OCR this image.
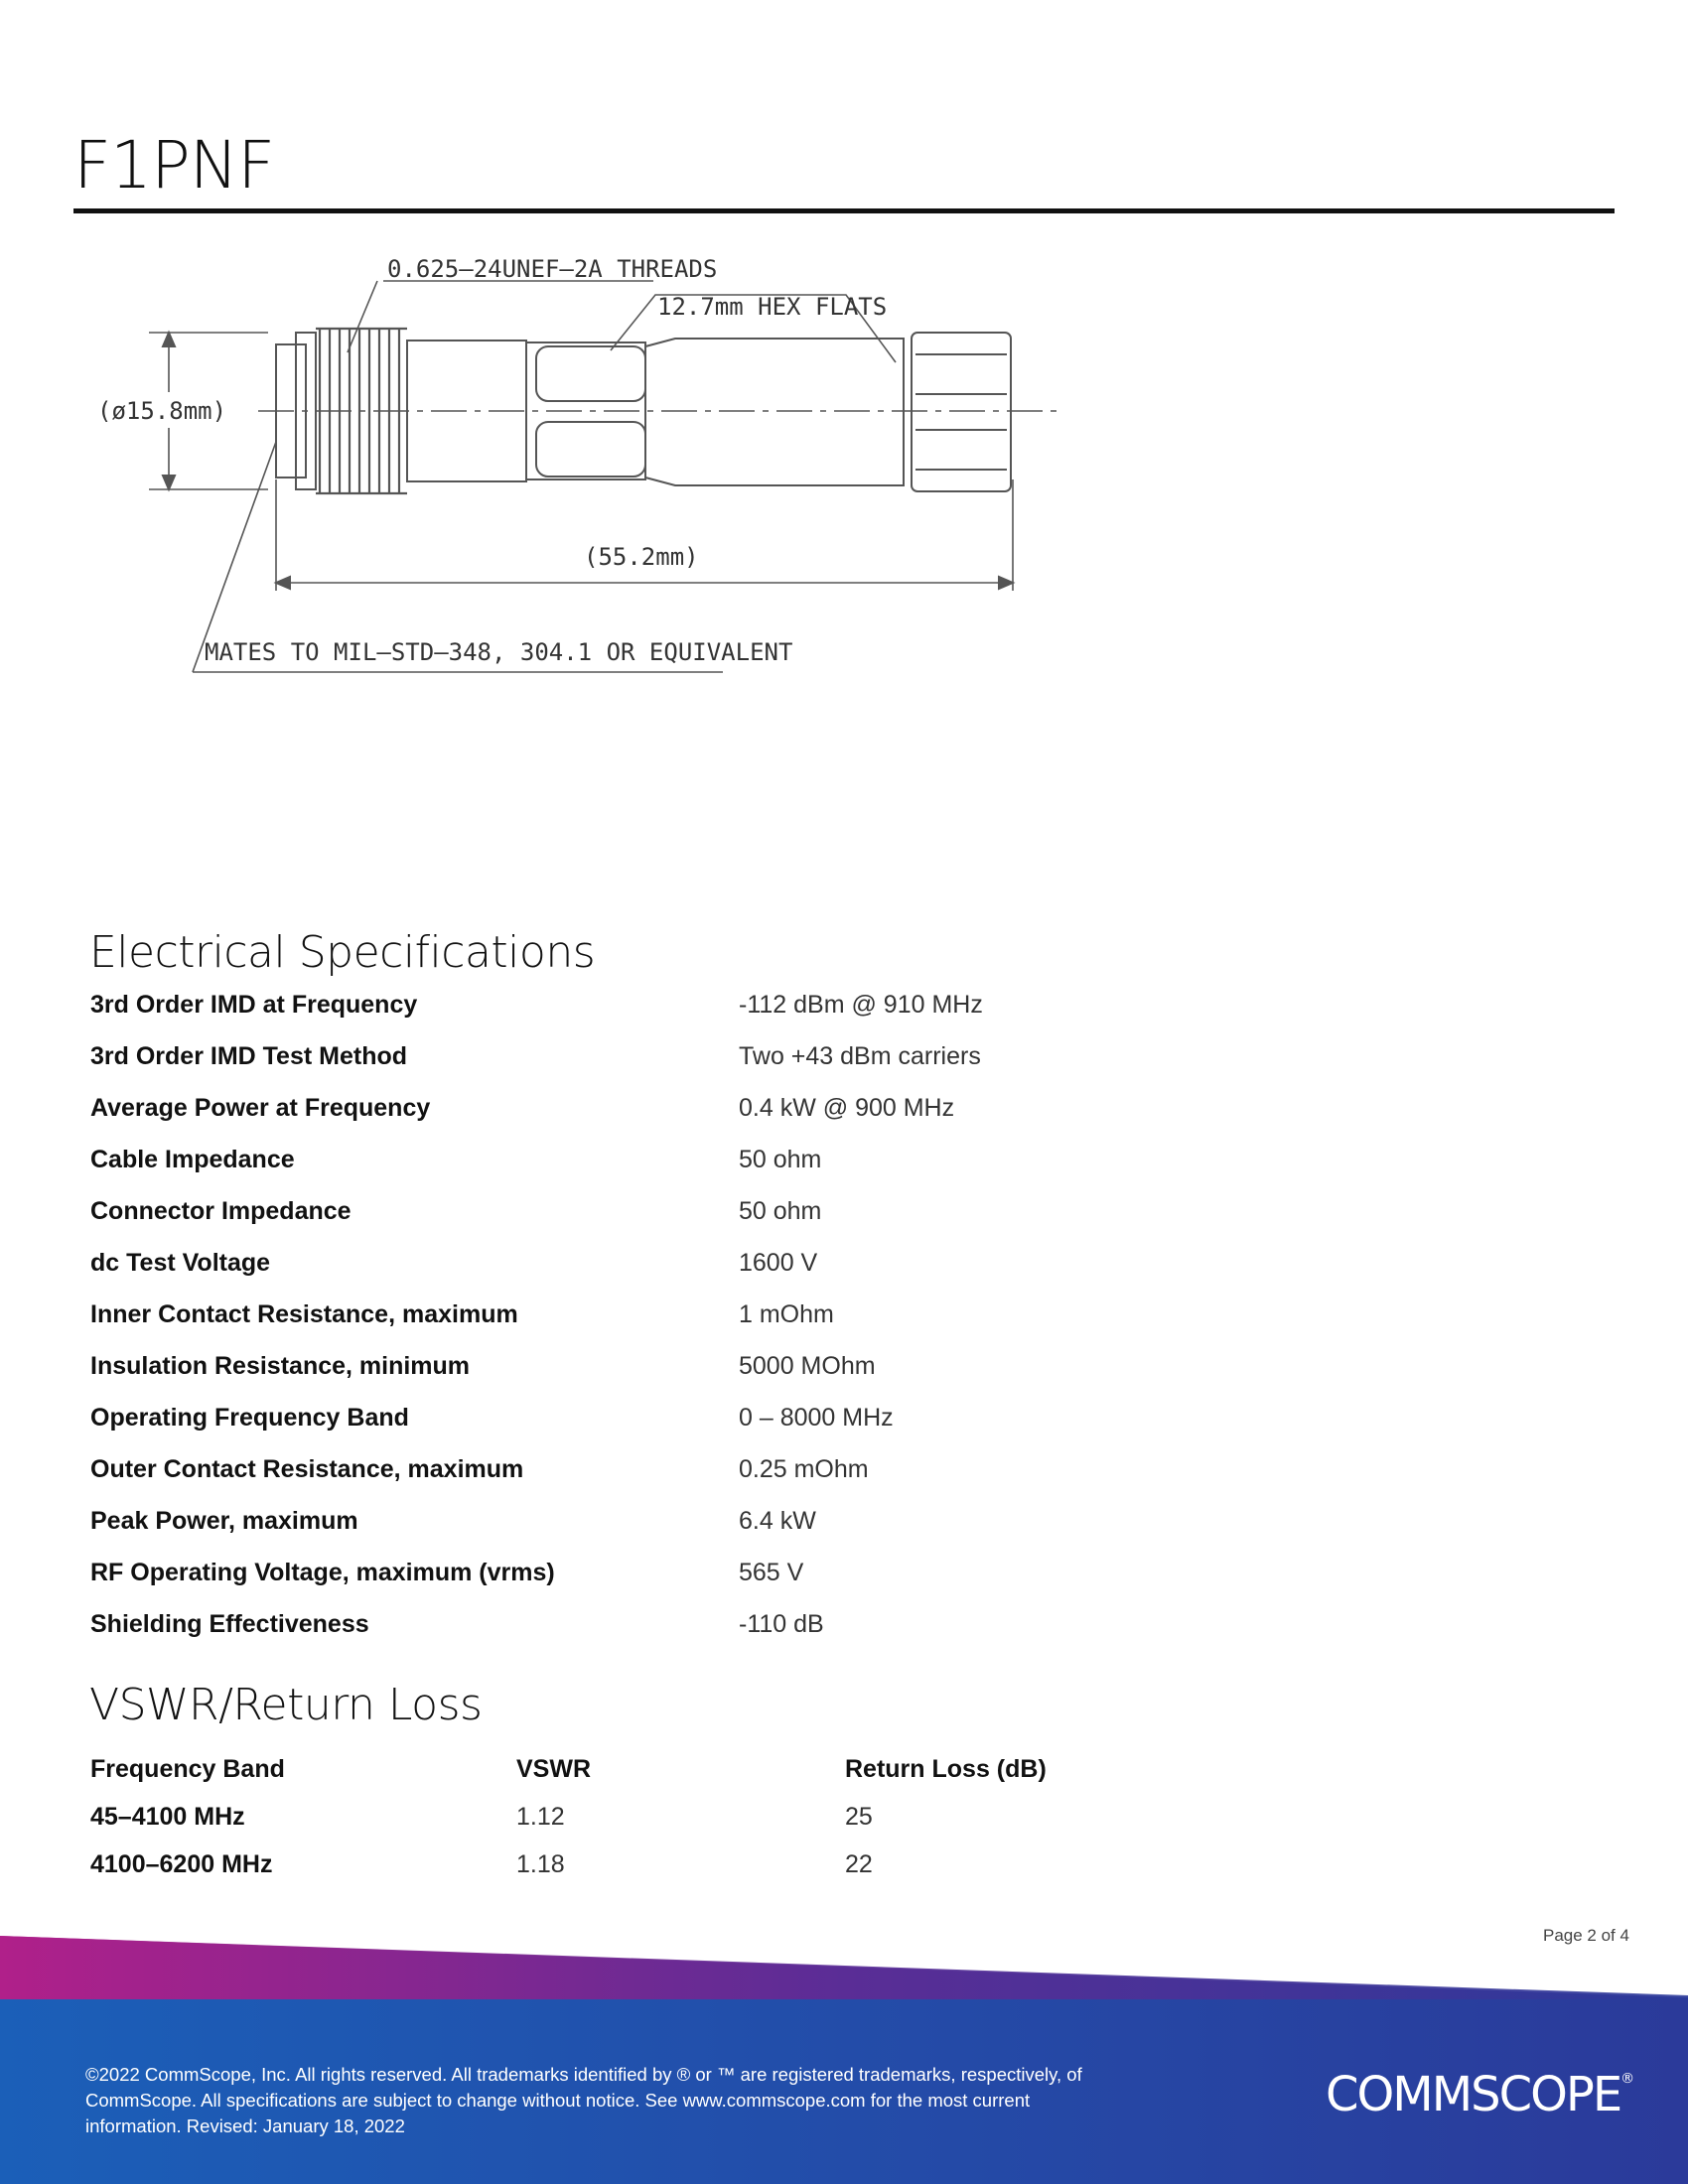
F1PNF
0.625–24UNEF–2A THREADS
12.7mm HEX FLATS
(ø15.8mm)
(55.2mm)
MATES TO MIL–STD–348, 304.1 OR EQUIVALENT
Electrical Specifications
3rd Order IMD at Frequency	-112 dBm @ 910 MHz
3rd Order IMD Test Method	Two +43 dBm carriers
Average Power at Frequency	0.4 kW @ 900 MHz
Cable Impedance	50 ohm
Connector Impedance	50 ohm
dc Test Voltage	1600 V
Inner Contact Resistance, maximum	1 mOhm
Insulation Resistance, minimum	5000 MOhm
Operating Frequency Band	0 – 8000 MHz
Outer Contact Resistance, maximum	0.25 mOhm
Peak Power, maximum	6.4 kW
RF Operating Voltage, maximum (vrms)	565 V
Shielding Effectiveness	-110 dB
VSWR/Return Loss
Frequency Band	VSWR	Return Loss (dB)
45–4100 MHz	1.12	25
4100–6200 MHz	1.18	22
Page 2 of 4
©2022 CommScope, Inc. All rights reserved. All trademarks identified by ® or ™ are registered trademarks, respectively, of CommScope. All specifications are subject to change without notice. See www.commscope.com for the most current information. Revised: January 18, 2022
COMMSCOPE®
